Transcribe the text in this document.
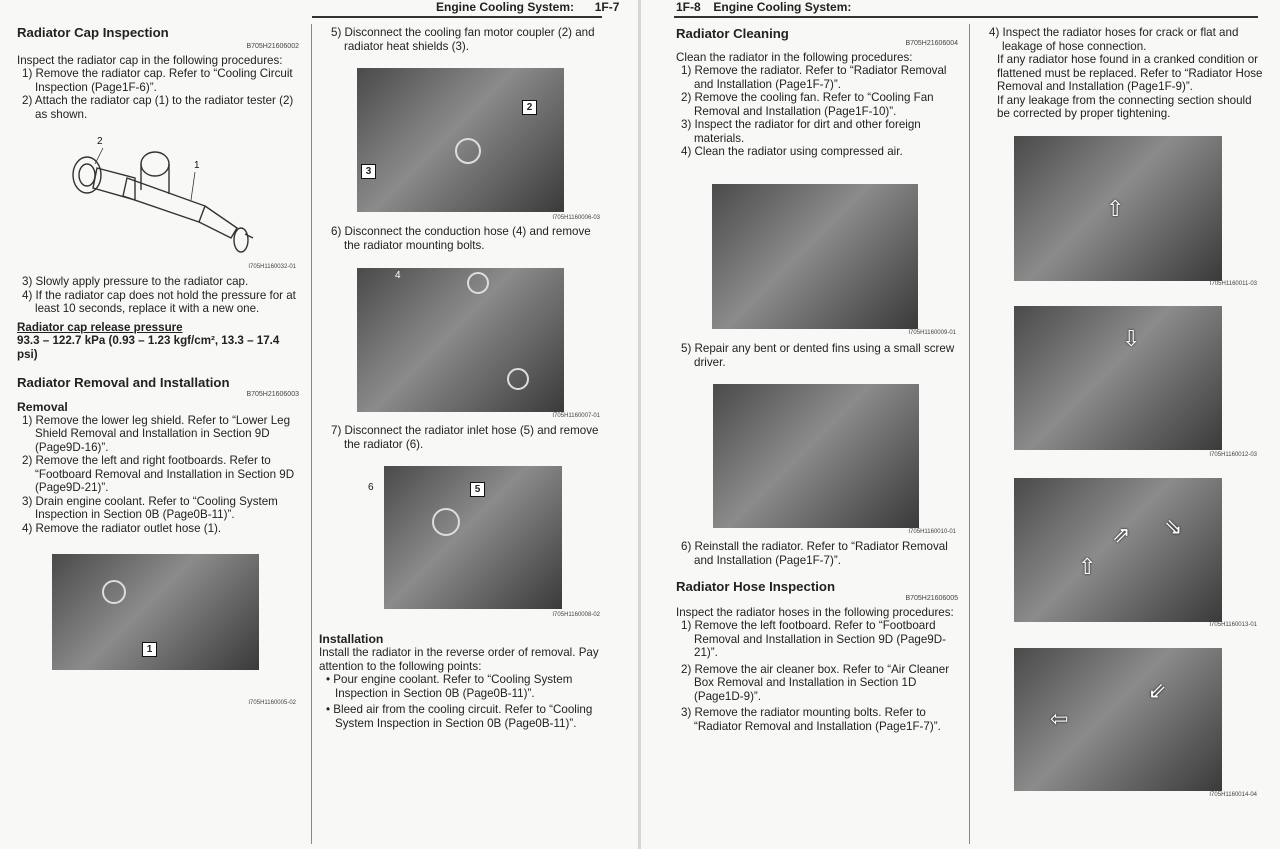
Engine Cooling System: 1F-7
Radiator Cap Inspection
B705H21606002

Inspect the radiator cap in the following procedures:

1) Remove the radiator cap. Refer to “Cooling Circuit Inspection (Page1F-6)”.

2) Attach the radiator cap (1) to the radiator tester (2) as shown.

1
2
I705H1160032-01

3) Slowly apply pressure to the radiator cap.

4) If the radiator cap does not hold the pressure for at least 10 seconds, replace it with a new one.

Radiator cap release pressure
93.3 – 122.7 kPa (0.93 – 1.23 kgf/cm², 13.3 – 17.4 psi)
Radiator Removal and Installation
B705H21606003
Removal

1) Remove the lower leg shield. Refer to “Lower Leg Shield Removal and Installation in Section 9D (Page9D-16)”.

2) Remove the left and right footboards. Refer to “Footboard Removal and Installation in Section 9D (Page9D-21)”.

3) Drain engine coolant. Refer to “Cooling System Inspection in Section 0B (Page0B-11)”.

4) Remove the radiator outlet hose (1).

1
I705H1160005-02

5) Disconnect the cooling fan motor coupler (2) and radiator heat shields (3).

2
3
I705H1160006-03

6) Disconnect the conduction hose (4) and remove the radiator mounting bolts.

4
I705H1160007-01

7) Disconnect the radiator inlet hose (5) and remove the radiator (6).

5
6
I705H1160008-02
Installation

Install the radiator in the reverse order of removal. Pay attention to the following points:

• Pour engine coolant. Refer to “Cooling System Inspection in Section 0B (Page0B-11)”.

• Bleed air from the cooling circuit. Refer to “Cooling System Inspection in Section 0B (Page0B-11)”.

1F-8 Engine Cooling System:
Radiator Cleaning
B705H21606004

Clean the radiator in the following procedures:

1) Remove the radiator. Refer to “Radiator Removal and Installation (Page1F-7)”.

2) Remove the cooling fan. Refer to “Cooling Fan Removal and Installation (Page1F-10)”.

3) Inspect the radiator for dirt and other foreign materials.

4) Clean the radiator using compressed air.

I705H1160009-01

5) Repair any bent or dented fins using a small screw driver.

I705H1160010-01

6) Reinstall the radiator. Refer to “Radiator Removal and Installation (Page1F-7)”.

Radiator Hose Inspection
B705H21606005

Inspect the radiator hoses in the following procedures:

1) Remove the left footboard. Refer to “Footboard Removal and Installation in Section 9D (Page9D-21)”.

2) Remove the air cleaner box. Refer to “Air Cleaner Box Removal and Installation in Section 1D (Page1D-9)”.

3) Remove the radiator mounting bolts. Refer to “Radiator Removal and Installation (Page1F-7)”.

4) Inspect the radiator hoses for crack or flat and leakage of hose connection.

If any radiator hose found in a cranked condition or flattened must be replaced. Refer to “Radiator Hose Removal and Installation (Page1F-9)”.

If any leakage from the connecting section should be corrected by proper tightening.

⇧
I705H1160011-03
⇩
I705H1160012-03
⇧
⇗ ⇘
I705H1160013-01
⇦
⇙
I705H1160014-04
